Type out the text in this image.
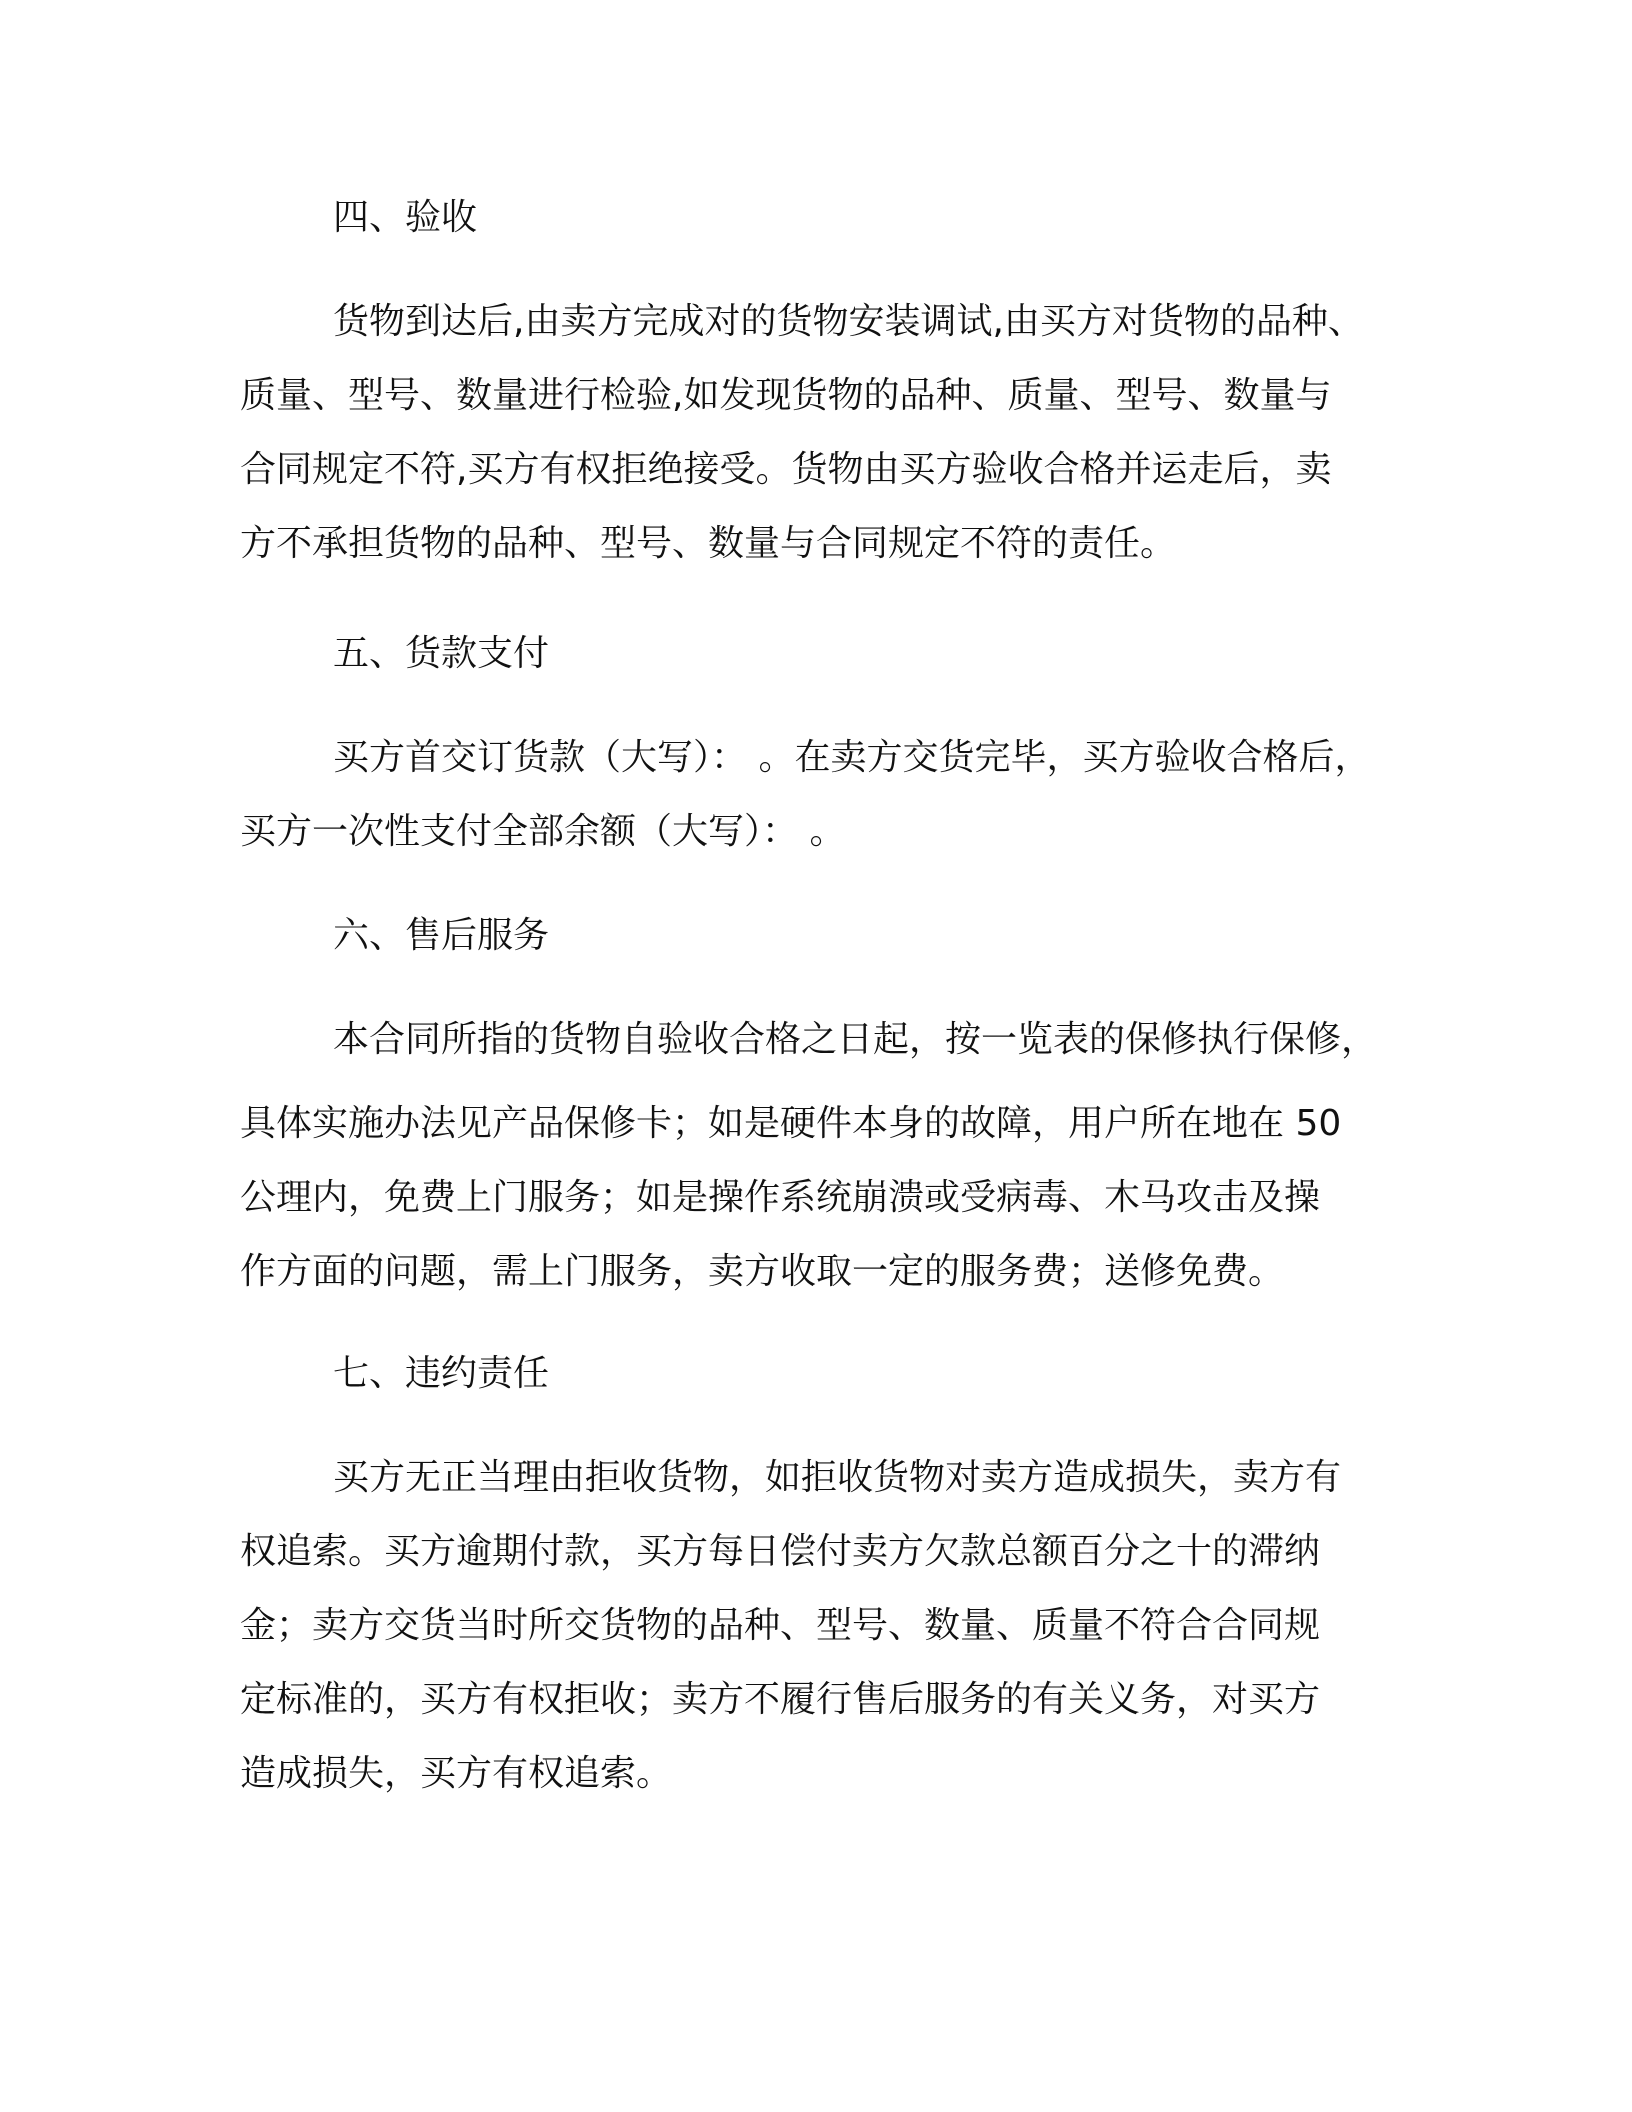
四、验收
货物到达后,由卖方完成对的货物安装调试,由买方对货物的品种、
质量、型号、数量进行检验,如发现货物的品种、质量、型号、数量与
合同规定不符,买方有权拒绝接受。货物由买方验收合格并运走后，卖
方不承担货物的品种、型号、数量与合同规定不符的责任。
五、货款支付
买方首交订货款（大写）： 。在卖方交货完毕，买方验收合格后，
买方一次性支付全部余额（大写）： 。
六、售后服务
本合同所指的货物自验收合格之日起，按一览表的保修执行保修，
具体实施办法见产品保修卡；如是硬件本身的故障，用户所在地在 50
公理内，免费上门服务；如是操作系统崩溃或受病毒、木马攻击及操
作方面的问题，需上门服务，卖方收取一定的服务费；送修免费。
七、违约责任
买方无正当理由拒收货物，如拒收货物对卖方造成损失，卖方有
权追索。买方逾期付款，买方每日偿付卖方欠款总额百分之十的滞纳
金；卖方交货当时所交货物的品种、型号、数量、质量不符合合同规
定标准的，买方有权拒收；卖方不履行售后服务的有关义务，对买方
造成损失，买方有权追索。
